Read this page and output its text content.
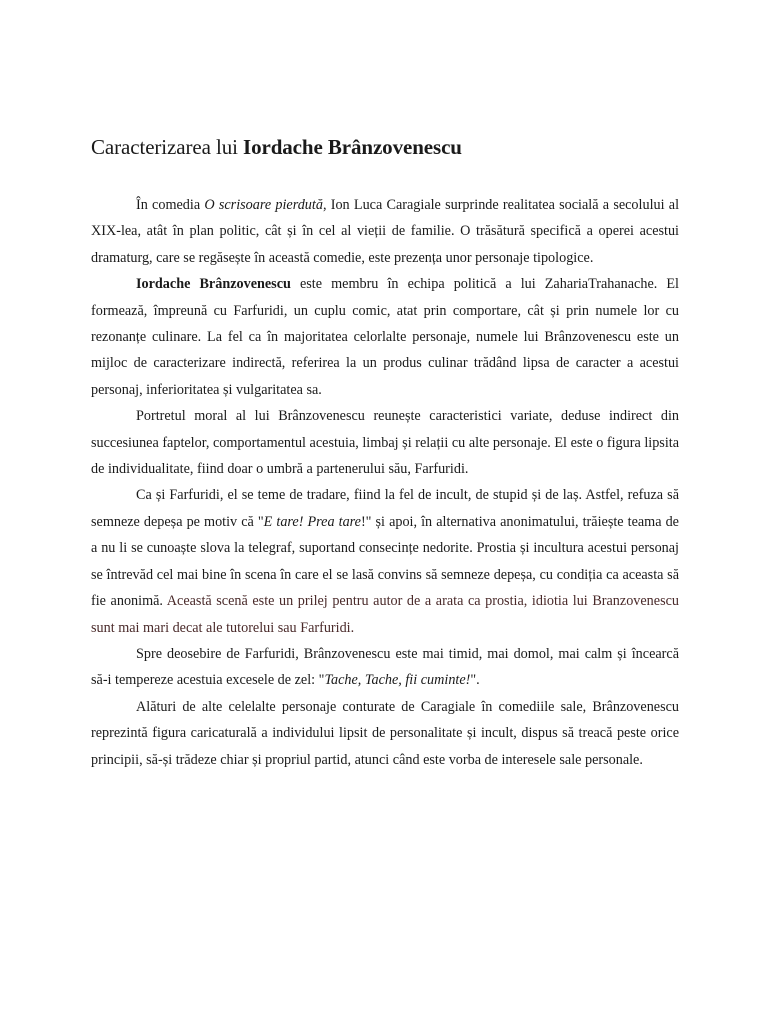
Caracterizarea lui Iordache Brânzovenescu

În comedia O scrisoare pierdută, Ion Luca Caragiale surprinde realitatea socială a secolului al XIX-lea, atât în plan politic, cât și în cel al vieții de familie. O trăsătură specifică a operei acestui dramaturg, care se regăsește în această comedie, este prezența unor personaje tipologice.

Iordache Brânzovenescu este membru în echipa politică a lui ZahariaTrahanache. El formează, împreună cu Farfuridi, un cuplu comic, atat prin comportare, cât și prin numele lor cu rezonanțe culinare. La fel ca în majoritatea celorlalte personaje, numele lui Brânzovenescu este un mijloc de caracterizare indirectă, referirea la un produs culinar trădând lipsa de caracter a acestui personaj, inferioritatea și vulgaritatea sa.

Portretul moral al lui Brânzovenescu reunește caracteristici variate, deduse indirect din succesiunea faptelor, comportamentul acestuia, limbaj și relații cu alte personaje. El este o figura lipsita de individualitate, fiind doar o umbră a partenerului său, Farfuridi.

Ca și Farfuridi, el se teme de tradare, fiind la fel de incult, de stupid și de laș. Astfel, refuza să semneze depeșa pe motiv că "E tare! Prea tare!" și apoi, în alternativa anonimatului, trăiește teama de a nu li se cunoaște slova la telegraf, suportand consecințe nedorite. Prostia și incultura acestui personaj se întrevăd cel mai bine în scena în care el se lasă convins să semneze depeșa, cu condiția ca aceasta să fie anonimă. Această scenă este un prilej pentru autor de a arata ca prostia, idiotia lui Branzovenescu sunt mai mari decat ale tutorelui sau Farfuridi.

Spre deosebire de Farfuridi, Brânzovenescu este mai timid, mai domol, mai calm și încearcă să-i tempereze acestuia excesele de zel: "Tache, Tache, fii cuminte!".

Alături de alte celelalte personaje conturate de Caragiale în comediile sale, Brânzovenescu reprezintă figura caricaturală a individului lipsit de personalitate și incult, dispus să treacă peste orice principii, să-și trădeze chiar și propriul partid, atunci când este vorba de interesele sale personale.
